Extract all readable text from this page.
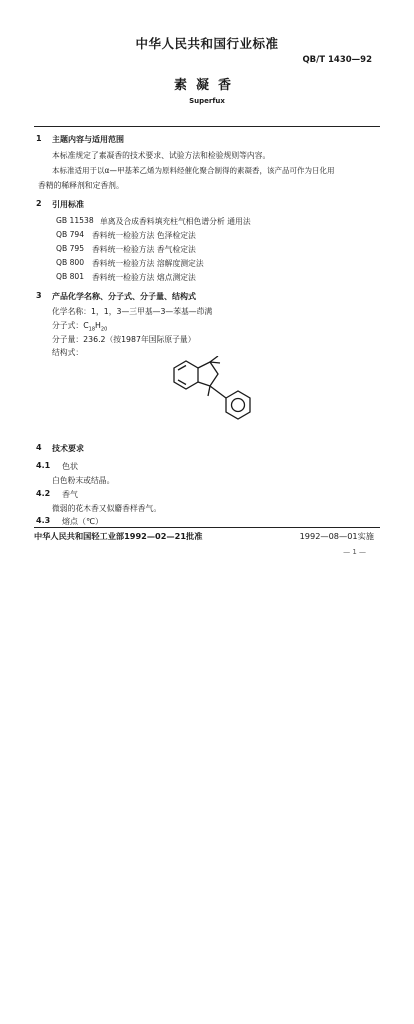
中华人民共和国行业标准
QB/T 1430—92
素凝香
Superfux
1 主题内容与适用范围
本标准规定了素凝香的技术要求、试验方法和检验规则等内容。
本标准适用于以α—甲基苯乙烯为原料经催化聚合制得的素凝香，该产品可作为日化用
香精的稀释剂和定香剂。
2 引用标准
GB 11538 单离及合成香料填充柱气相色谱分析 通用法
QB 794 香料统一检验方法 色泽检定法
QB 795 香料统一检验方法 香气检定法
QB 800 香料统一检验方法 溶解度测定法
QB 801 香料统一检验方法 熔点测定法
3 产品化学名称、分子式、分子量、结构式
化学名称：1，1，3—三甲基—3—苯基—茚满
分子式：$C_{18}H_{20}$
分子量：236.2（按1987年国际原子量）
结构式：
4 技术要求
4.1 色状
白色粉末或结晶。
4.2 香气
微弱的花木香又似麝香样香气。
4.3 熔点（℃）
中华人民共和国轻工业部1992—02—21批准	1992—08—01实施
— 1 —
